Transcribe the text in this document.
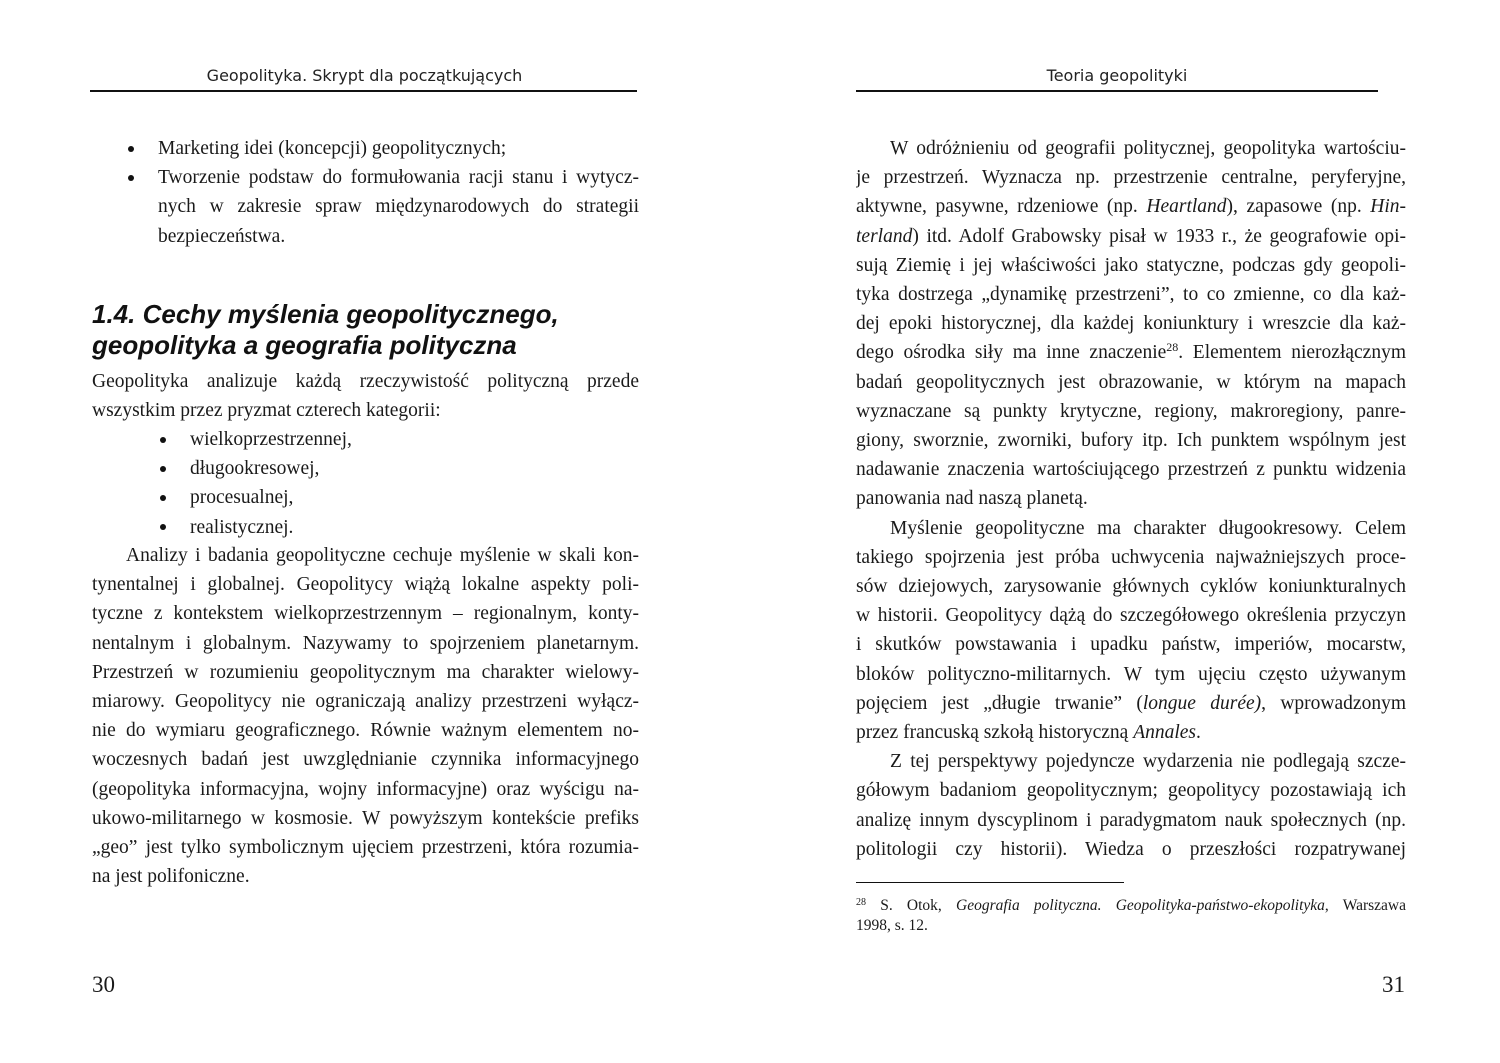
Geopolityka. Skrypt dla początkujących
Marketing idei (koncepcji) geopolitycznych;
Tworzenie podstaw do formułowania racji stanu i wytycz-
nych w zakresie spraw międzynarodowych do strategii
bezpieczeństwa.
1.4. Cechy myślenia geopolitycznego,
geopolityka a geografia polityczna
Geopolityka analizuje każdą rzeczywistość polityczną przede
wszystkim przez pryzmat czterech kategorii:
wielkoprzestrzennej,
długookresowej,
procesualnej,
realistycznej.
Analizy i badania geopolityczne cechuje myślenie w skali kon-
tynentalnej i globalnej. Geopolitycy wiążą lokalne aspekty poli-
tyczne z kontekstem wielkoprzestrzennym – regionalnym, konty-
nentalnym i globalnym. Nazywamy to spojrzeniem planetarnym.
Przestrzeń w rozumieniu geopolitycznym ma charakter wielowy-
miarowy. Geopolitycy nie ograniczają analizy przestrzeni wyłącz-
nie do wymiaru geograficznego. Równie ważnym elementem no-
woczesnych badań jest uwzględnianie czynnika informacyjnego
(geopolityka informacyjna, wojny informacyjne) oraz wyścigu na-
ukowo-militarnego w kosmosie. W powyższym kontekście prefiks
„geo” jest tylko symbolicznym ujęciem przestrzeni, która rozumia-
na jest polifoniczne.
30
Teoria geopolityki
W odróżnieniu od geografii politycznej, geopolityka wartościu-
je przestrzeń. Wyznacza np. przestrzenie centralne, peryferyjne,
aktywne, pasywne, rdzeniowe (np. Heartland), zapasowe (np. Hin-
terland) itd. Adolf Grabowsky pisał w 1933 r., że geografowie opi-
sują Ziemię i jej właściwości jako statyczne, podczas gdy geopoli-
tyka dostrzega „dynamikę przestrzeni”, to co zmienne, co dla każ-
dej epoki historycznej, dla każdej koniunktury i wreszcie dla każ-
dego ośrodka siły ma inne znaczenie$^{28}$. Elementem nierozłącznym
badań geopolitycznych jest obrazowanie, w którym na mapach
wyznaczane są punkty krytyczne, regiony, makroregiony, panre-
giony, sworznie, zworniki, bufory itp. Ich punktem wspólnym jest
nadawanie znaczenia wartościującego przestrzeń z punktu widzenia
panowania nad naszą planetą.
Myślenie geopolityczne ma charakter długookresowy. Celem
takiego spojrzenia jest próba uchwycenia najważniejszych proce-
sów dziejowych, zarysowanie głównych cyklów koniunkturalnych
w historii. Geopolitycy dążą do szczegółowego określenia przyczyn
i skutków powstawania i upadku państw, imperiów, mocarstw,
bloków polityczno-militarnych. W tym ujęciu często używanym
pojęciem jest „długie trwanie” (longue durée), wprowadzonym
przez francuską szkołą historyczną Annales.
Z tej perspektywy pojedyncze wydarzenia nie podlegają szcze-
gółowym badaniom geopolitycznym; geopolitycy pozostawiają ich
analizę innym dyscyplinom i paradygmatom nauk społecznych (np.
politologii czy historii). Wiedza o przeszłości rozpatrywanej
$^{28}$ S. Otok, Geografia polityczna. Geopolityka-państwo-ekopolityka, Warszawa
1998, s. 12.
31
